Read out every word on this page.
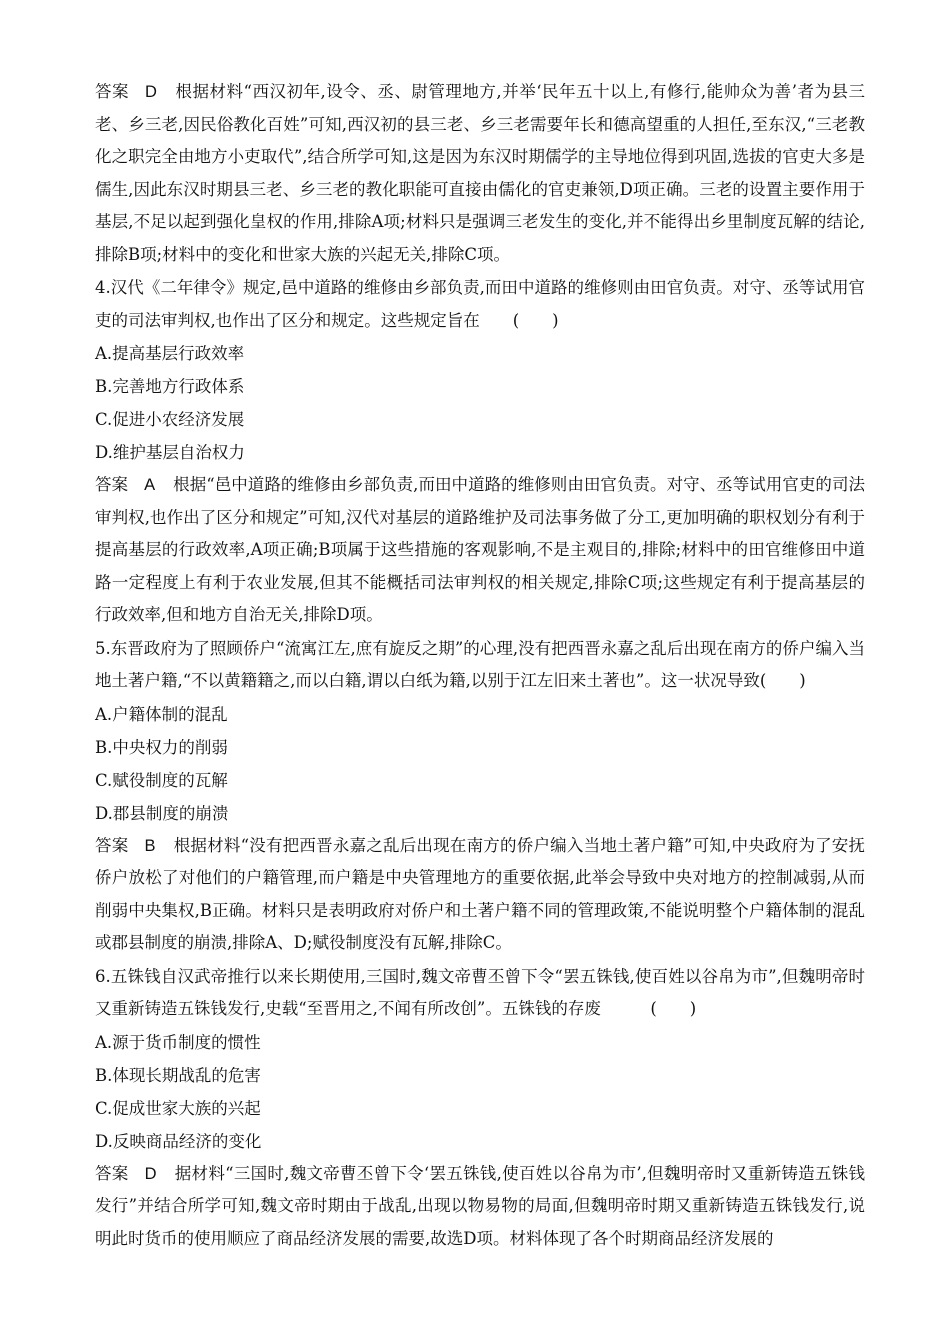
答案 D 根据材料“西汉初年,设令、丞、尉管理地方,并举‘民年五十以上,有修行,能帅众为善’者为县三老、乡三老,因民俗教化百姓”可知,西汉初的县三老、乡三老需要年长和德高望重的人担任,至东汉,“三老教化之职完全由地方小吏取代”,结合所学可知,这是因为东汉时期儒学的主导地位得到巩固,选拔的官吏大多是儒生,因此东汉时期县三老、乡三老的教化职能可直接由儒化的官吏兼领,D项正确。三老的设置主要作用于基层,不足以起到强化皇权的作用,排除A项;材料只是强调三老发生的变化,并不能得出乡里制度瓦解的结论,排除B项;材料中的变化和世家大族的兴起无关,排除C项。

4.汉代《二年律令》规定,邑中道路的维修由乡部负责,而田中道路的维修则由田官负责。对守、丞等试用官吏的司法审判权,也作出了区分和规定。这些规定旨在　　(　　)

A.提高基层行政效率

B.完善地方行政体系

C.促进小农经济发展

D.维护基层自治权力

答案 A 根据“邑中道路的维修由乡部负责,而田中道路的维修则由田官负责。对守、丞等试用官吏的司法审判权,也作出了区分和规定”可知,汉代对基层的道路维护及司法事务做了分工,更加明确的职权划分有利于提高基层的行政效率,A项正确;B项属于这些措施的客观影响,不是主观目的,排除;材料中的田官维修田中道路一定程度上有利于农业发展,但其不能概括司法审判权的相关规定,排除C项;这些规定有利于提高基层的行政效率,但和地方自治无关,排除D项。

5.东晋政府为了照顾侨户“流寓江左,庶有旋反之期”的心理,没有把西晋永嘉之乱后出现在南方的侨户编入当地土著户籍,“不以黄籍籍之,而以白籍,谓以白纸为籍,以别于江左旧来土著也”。这一状况导致(　　)

A.户籍体制的混乱

B.中央权力的削弱

C.赋役制度的瓦解

D.郡县制度的崩溃

答案 B 根据材料“没有把西晋永嘉之乱后出现在南方的侨户编入当地土著户籍”可知,中央政府为了安抚侨户放松了对他们的户籍管理,而户籍是中央管理地方的重要依据,此举会导致中央对地方的控制减弱,从而削弱中央集权,B正确。材料只是表明政府对侨户和土著户籍不同的管理政策,不能说明整个户籍体制的混乱或郡县制度的崩溃,排除A、D;赋役制度没有瓦解,排除C。

6.五铢钱自汉武帝推行以来长期使用,三国时,魏文帝曹丕曾下令“罢五铢钱,使百姓以谷帛为市”,但魏明帝时又重新铸造五铢钱发行,史载“至晋用之,不闻有所改创”。五铢钱的存废　　　(　　)

A.源于货币制度的惯性

B.体现长期战乱的危害

C.促成世家大族的兴起

D.反映商品经济的变化

答案 D 据材料“三国时,魏文帝曹丕曾下令‘罢五铢钱,使百姓以谷帛为市’,但魏明帝时又重新铸造五铢钱发行”并结合所学可知,魏文帝时期由于战乱,出现以物易物的局面,但魏明帝时期又重新铸造五铢钱发行,说明此时货币的使用顺应了商品经济发展的需要,故选D项。材料体现了各个时期商品经济发展的
